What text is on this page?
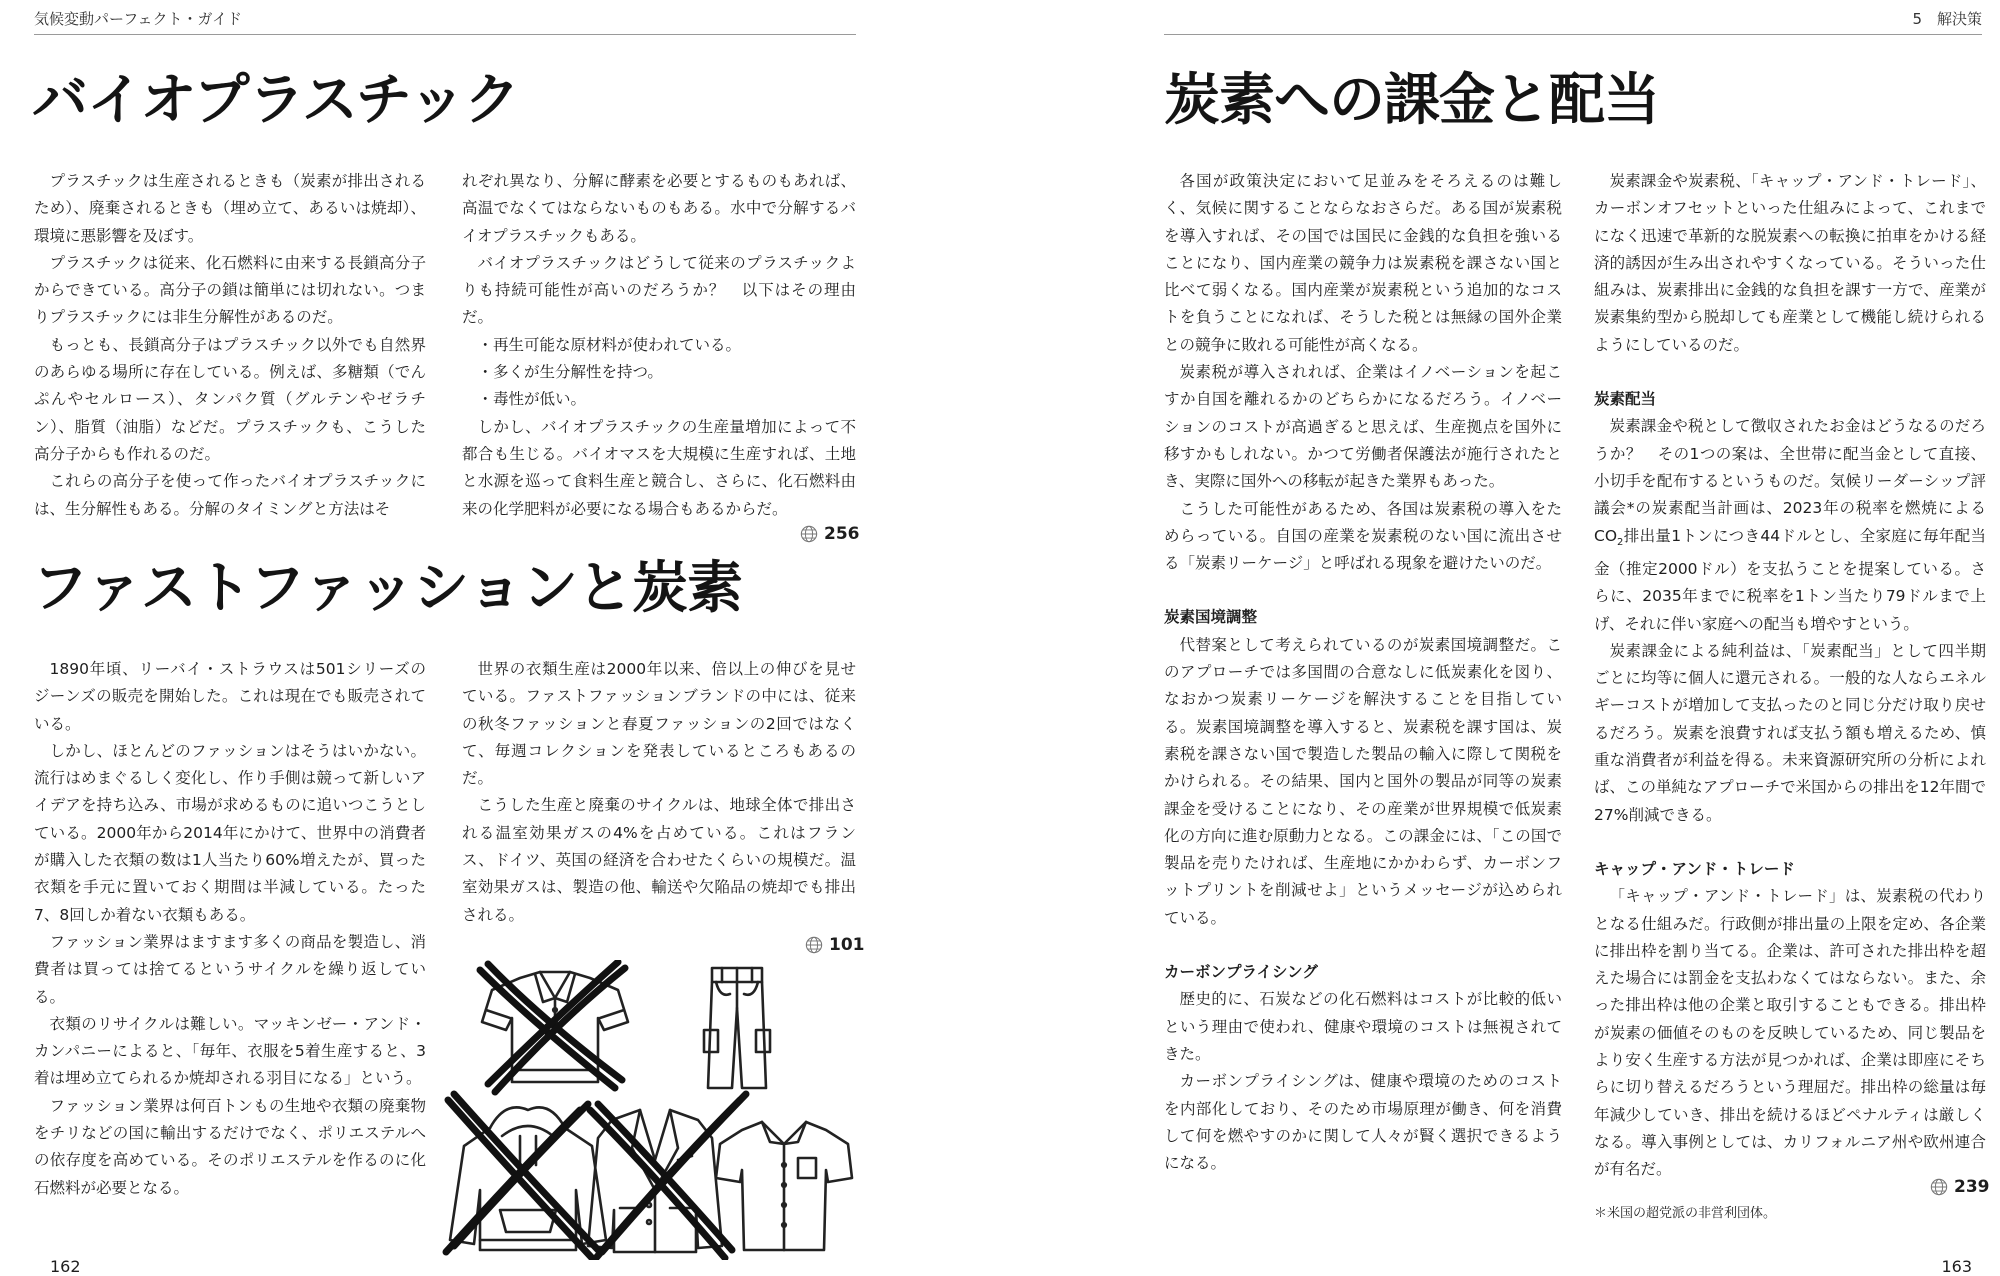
気候変動パーフェクト・ガイド
バイオプラスチック

プラスチックは生産されるときも（炭素が排出されるため）、廃棄されるときも（埋め立て、あるいは焼却）、環境に悪影響を及ぼす。

プラスチックは従来、化石燃料に由来する長鎖高分子からできている。高分子の鎖は簡単には切れない。つまりプラスチックには非生分解性があるのだ。

もっとも、長鎖高分子はプラスチック以外でも自然界のあらゆる場所に存在している。例えば、多糖類（でんぷんやセルロース）、タンパク質（グルテンやゼラチン）、脂質（油脂）などだ。プラスチックも、こうした高分子からも作れるのだ。

これらの高分子を使って作ったバイオプラスチックには、生分解性もある。分解のタイミングと方法はそ

れぞれ異なり、分解に酵素を必要とするものもあれば、高温でなくてはならないものもある。水中で分解するバイオプラスチックもある。

バイオプラスチックはどうして従来のプラスチックよりも持続可能性が高いのだろうか？　以下はその理由だ。

・ 再生可能な原材料が使われている。
・ 多くが生分解性を持つ。
・ 毒性が低い。

しかし、バイオプラスチックの生産量増加によって不都合も生じる。バイオマスを大規模に生産すれば、土地と水源を巡って食料生産と競合し、さらに、化石燃料由来の化学肥料が必要になる場合もあるからだ。

256
ファストファッションと炭素

1890年頃、リーバイ・ストラウスは501シリーズのジーンズの販売を開始した。これは現在でも販売されている。

しかし、ほとんどのファッションはそうはいかない。流行はめまぐるしく変化し、作り手側は競って新しいアイデアを持ち込み、市場が求めるものに追いつこうとしている。2000年から2014年にかけて、世界中の消費者が購入した衣類の数は1人当たり60%増えたが、買った衣類を手元に置いておく期間は半減している。たった7、8回しか着ない衣類もある。

ファッション業界はますます多くの商品を製造し、消費者は買っては捨てるというサイクルを繰り返している。

衣類のリサイクルは難しい。マッキンゼー・アンド・カンパニーによると、「毎年、衣服を5着生産すると、3着は埋め立てられるか焼却される羽目になる」という。

ファッション業界は何百トンもの生地や衣類の廃棄物をチリなどの国に輸出するだけでなく、ポリエステルへの依存度を高めている。そのポリエステルを作るのに化石燃料が必要となる。

世界の衣類生産は2000年以来、倍以上の伸びを見せている。ファストファッションブランドの中には、従来の秋冬ファッションと春夏ファッションの2回ではなくて、毎週コレクションを発表しているところもあるのだ。

こうした生産と廃棄のサイクルは、地球全体で排出される温室効果ガスの4%を占めている。これはフランス、ドイツ、英国の経済を合わせたくらいの規模だ。温室効果ガスは、製造の他、輸送や欠陥品の焼却でも排出される。

101
162
5　解決策
炭素への課金と配当

各国が政策決定において足並みをそろえるのは難しく、気候に関することならなおさらだ。ある国が炭素税を導入すれば、その国では国民に金銭的な負担を強いることになり、国内産業の競争力は炭素税を課さない国と比べて弱くなる。国内産業が炭素税という追加的なコストを負うことになれば、そうした税とは無縁の国外企業との競争に敗れる可能性が高くなる。

炭素税が導入されれば、企業はイノベーションを起こすか自国を離れるかのどちらかになるだろう。イノベーションのコストが高過ぎると思えば、生産拠点を国外に移すかもしれない。かつて労働者保護法が施行されたとき、実際に国外への移転が起きた業界もあった。

こうした可能性があるため、各国は炭素税の導入をためらっている。自国の産業を炭素税のない国に流出させる「炭素リーケージ」と呼ばれる現象を避けたいのだ。

炭素国境調整

代替案として考えられているのが炭素国境調整だ。このアプローチでは多国間の合意なしに低炭素化を図り、なおかつ炭素リーケージを解決することを目指している。炭素国境調整を導入すると、炭素税を課す国は、炭素税を課さない国で製造した製品の輸入に際して関税をかけられる。その結果、国内と国外の製品が同等の炭素課金を受けることになり、その産業が世界規模で低炭素化の方向に進む原動力となる。この課金には、「この国で製品を売りたければ、生産地にかかわらず、カーボンフットプリントを削減せよ」というメッセージが込められている。

カーボンプライシング

歴史的に、石炭などの化石燃料はコストが比較的低いという理由で使われ、健康や環境のコストは無視されてきた。

カーボンプライシングは、健康や環境のためのコストを内部化しており、そのため市場原理が働き、何を消費して何を燃やすのかに関して人々が賢く選択できるようになる。

炭素課金や炭素税、「キャップ・アンド・トレード」、カーボンオフセットといった仕組みによって、これまでになく迅速で革新的な脱炭素への転換に拍車をかける経済的誘因が生み出されやすくなっている。そういった仕組みは、炭素排出に金銭的な負担を課す一方で、産業が炭素集約型から脱却しても産業として機能し続けられるようにしているのだ。

炭素配当

炭素課金や税として徴収されたお金はどうなるのだろうか？　その1つの案は、全世帯に配当金として直接、小切手を配布するというものだ。気候リーダーシップ評議会*の炭素配当計画は、2023年の税率を燃焼による$CO_2$排出量1トンにつき44ドルとし、全家庭に毎年配当金（推定2000ドル）を支払うことを提案している。さらに、2035年までに税率を1トン当たり79ドルまで上げ、それに伴い家庭への配当も増やすという。

炭素課金による純利益は、「炭素配当」として四半期ごとに均等に個人に還元される。一般的な人ならエネルギーコストが増加して支払ったのと同じ分だけ取り戻せるだろう。炭素を浪費すれば支払う額も増えるため、慎重な消費者が利益を得る。未来資源研究所の分析によれば、この単純なアプローチで米国からの排出を12年間で27%削減できる。

キャップ・アンド・トレード

「キャップ・アンド・トレード」は、炭素税の代わりとなる仕組みだ。行政側が排出量の上限を定め、各企業に排出枠を割り当てる。企業は、許可された排出枠を超えた場合には罰金を支払わなくてはならない。また、余った排出枠は他の企業と取引することもできる。排出枠が炭素の価値そのものを反映しているため、同じ製品をより安く生産する方法が見つかれば、企業は即座にそちらに切り替えるだろうという理屈だ。排出枠の総量は毎年減少していき、排出を続けるほどペナルティは厳しくなる。導入事例としては、カリフォルニア州や欧州連合が有名だ。

239
＊米国の超党派の非営利団体。
163
